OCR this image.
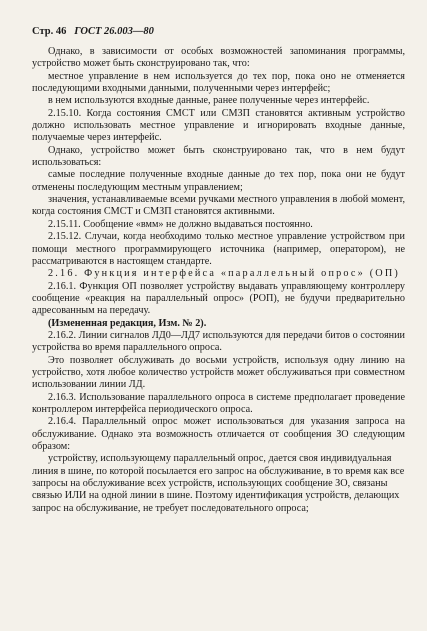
Стр. 46 ГОСТ 26.003—80

Однако, в зависимости от особых возможностей запоминания программы, устройство может быть сконструировано так, что:

местное управление в нем используется до тех пор, пока оно не отменяется последующими входными данными, полученными через интерфейс;

в нем используются входные данные, ранее полученные через интерфейс.

2.15.10. Когда состояния СМСТ или СМЗП становятся активным устройство должно использовать местное управление и игнорировать входные данные, получаемые через интерфейс.

Однако, устройство может быть сконструировано так, что в нем будут использоваться:

самые последние полученные входные данные до тех пор, пока они не будут отменены последующим местным управлением;

значения, устанавливаемые всеми ручками местного управления в любой момент, когда состояния СМСТ и СМЗП становятся активными.

2.15.11. Сообщение «вмм» не должно выдаваться постоянно.

2.15.12. Случаи, когда необходимо только местное управление устройством при помощи местного программирующего источника (например, оператором), не рассматриваются в настоящем стандарте.

2.16. Функция интерфейса «параллельный опрос» (ОП)

2.16.1. Функция ОП позволяет устройству выдавать управляющему контроллеру сообщение «реакция на параллельный опрос» (РОП), не будучи предварительно адресованным на передачу.

(Измененная редакция, Изм. № 2).

2.16.2. Линии сигналов ЛД0—ЛД7 используются для передачи битов о состоянии устройства во время параллельного опроса.

Это позволяет обслуживать до восьми устройств, используя одну линию на устройство, хотя любое количество устройств может обслуживаться при совместном использовании линии ЛД.

2.16.3. Использование параллельного опроса в системе предполагает проведение контроллером интерфейса периодического опроса.

2.16.4. Параллельный опрос может использоваться для указания запроса на обслуживание. Однако эта возможность отличается от сообщения ЗО следующим образом:

устройству, использующему параллельный опрос, дается своя индивидуальная линия в шине, по которой посылается его запрос на обслуживание, в то время как все запросы на обслуживание всех устройств, использующих сообщение ЗО, связаны связью ИЛИ на одной линии в шине. Поэтому идентификация устройств, делающих запрос на обслуживание, не требует последовательного опроса;
